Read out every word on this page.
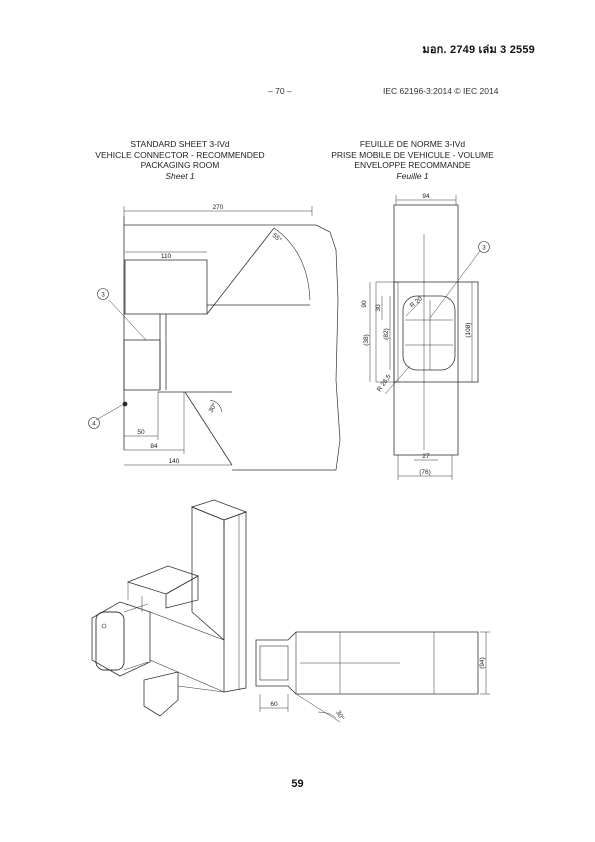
มอก. 2749 เล่ม 3 2559
– 70 –	IEC 62196-3:2014 © IEC 2014
STANDARD SHEET 3-IVd
VEHICLE CONNECTOR - RECOMMENDED
PACKAGING ROOM
Sheet 1
FEUILLE DE NORME 3-IVd
PRISE MOBILE DE VEHICULE - VOLUME
ENVELOPPE RECOMMANDE
Feuille 1
270
110
55°
30°
50
84
140
3
4
94
90
30	R 20
(82)
(38)
(108)
R 26,5
27
(76)
3
60
30°
(94)
59
